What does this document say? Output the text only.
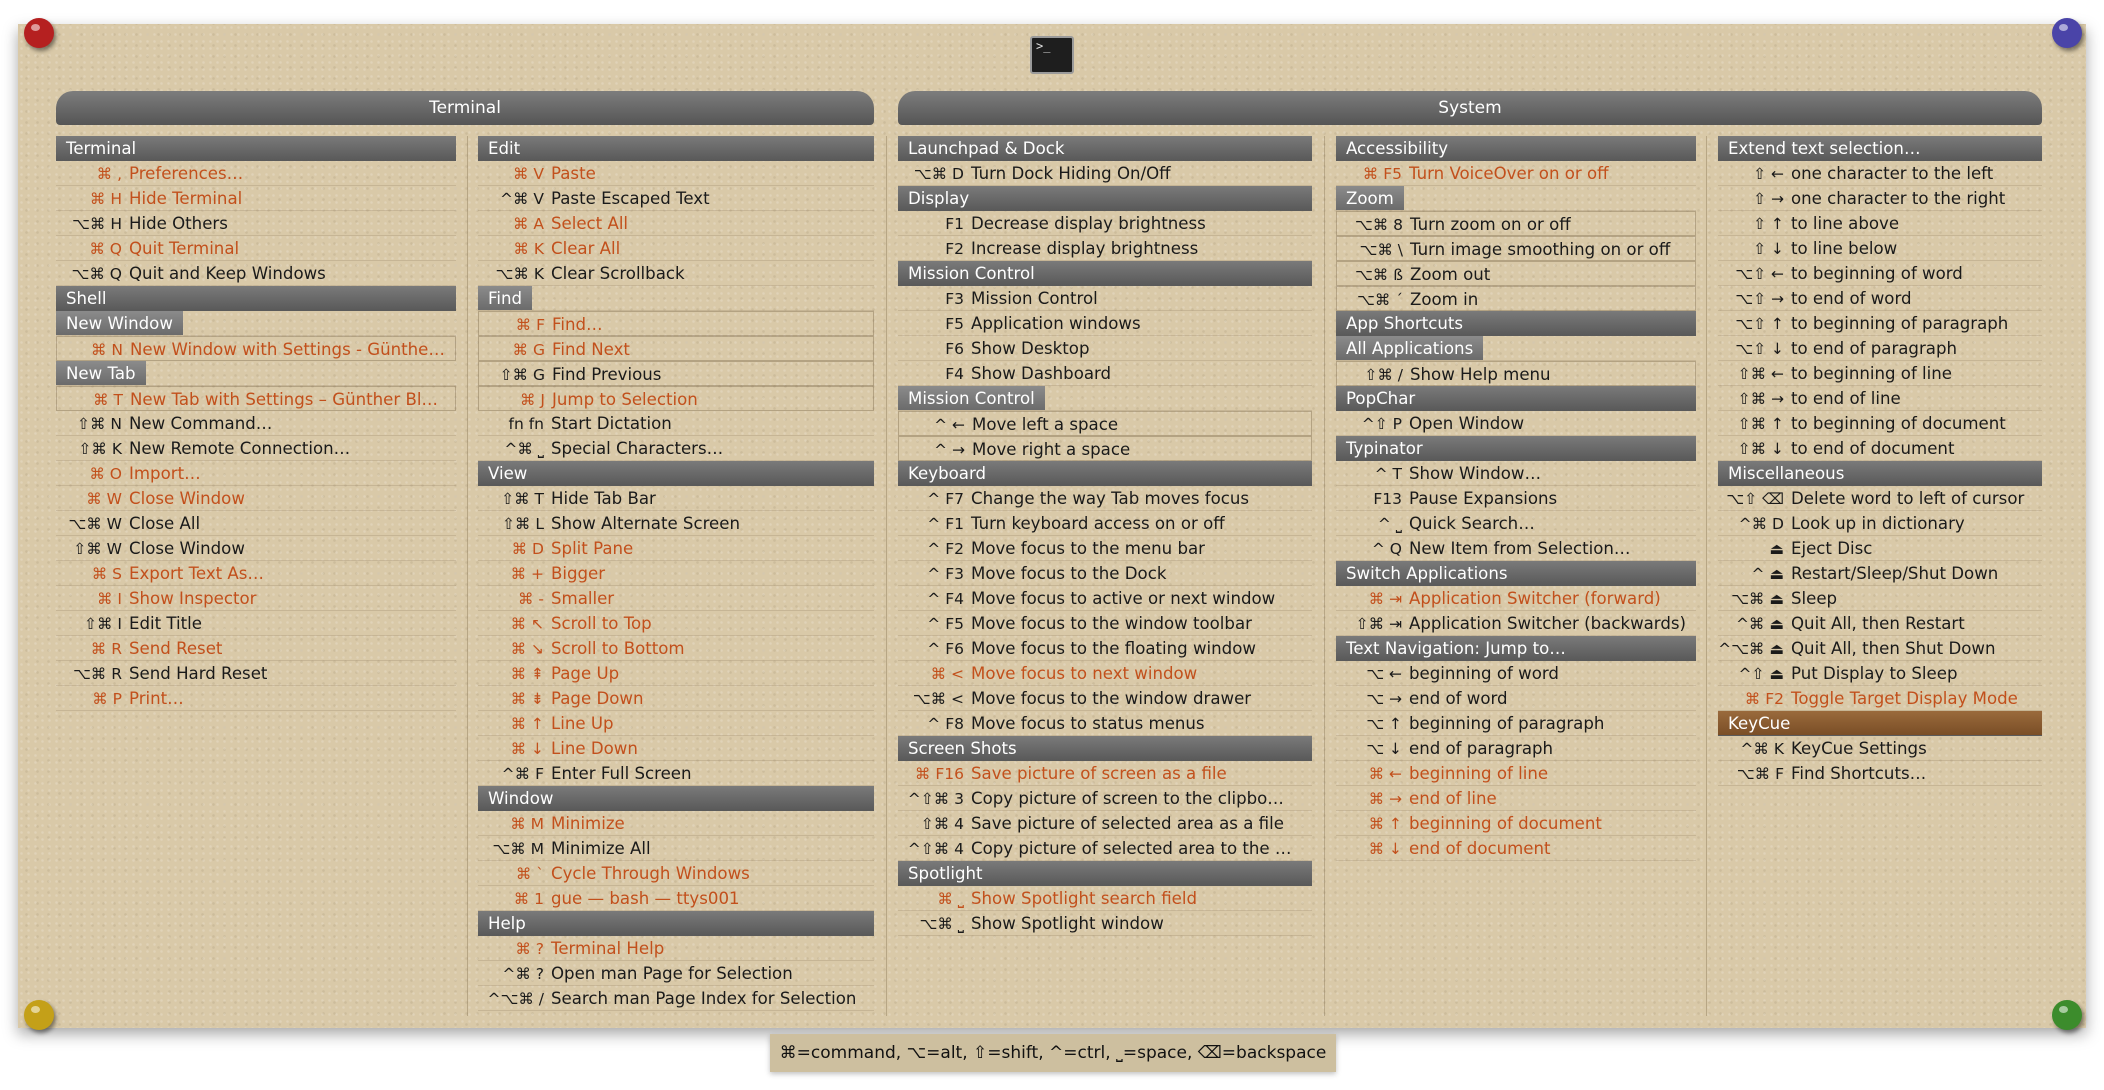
>_
Terminal	System
Terminal
⌘ , Preferences…
⌘ H Hide Terminal
⌥⌘ H Hide Others
⌘ Q Quit Terminal
⌥⌘ Q Quit and Keep Windows
Shell
New Window
⌘ N New Window with Settings - Günthe…
New Tab
⌘ T New Tab with Settings – Günther Bl…
⇧⌘ N New Command…
⇧⌘ K New Remote Connection…
⌘ O Import…
⌘ W Close Window
⌥⌘ W Close All
⇧⌘ W Close Window
⌘ S Export Text As…
⌘ I Show Inspector
⇧⌘ I Edit Title
⌘ R Send Reset
⌥⌘ R Send Hard Reset
⌘ P Print…
Edit
⌘ V Paste
^⌘ V Paste Escaped Text
⌘ A Select All
⌘ K Clear All
⌥⌘ K Clear Scrollback
Find
⌘ F Find…
⌘ G Find Next
⇧⌘ G Find Previous
⌘ J Jump to Selection
fn fn Start Dictation
^⌘ ⎵ Special Characters…
View
⇧⌘ T Hide Tab Bar
⇧⌘ L Show Alternate Screen
⌘ D Split Pane
⌘ + Bigger
⌘ - Smaller
⌘ ↖ Scroll to Top
⌘ ↘ Scroll to Bottom
⌘ ⇞ Page Up
⌘ ⇟ Page Down
⌘ ↑ Line Up
⌘ ↓ Line Down
^⌘ F Enter Full Screen
Window
⌘ M Minimize
⌥⌘ M Minimize All
⌘ ` Cycle Through Windows
⌘ 1 gue — bash — ttys001
Help
⌘ ? Terminal Help
^⌘ ? Open man Page for Selection
^⌥⌘ / Search man Page Index for Selection
Launchpad & Dock
⌥⌘ D Turn Dock Hiding On/Off
Display
F1 Decrease display brightness
F2 Increase display brightness
Mission Control
F3 Mission Control
F5 Application windows
F6 Show Desktop
F4 Show Dashboard
Mission Control
^ ← Move left a space
^ → Move right a space
Keyboard
^ F7 Change the way Tab moves focus
^ F1 Turn keyboard access on or off
^ F2 Move focus to the menu bar
^ F3 Move focus to the Dock
^ F4 Move focus to active or next window
^ F5 Move focus to the window toolbar
^ F6 Move focus to the floating window
⌘ < Move focus to next window
⌥⌘ < Move focus to the window drawer
^ F8 Move focus to status menus
Screen Shots
⌘ F16 Save picture of screen as a file
^⇧⌘ 3 Copy picture of screen to the clipbo…
⇧⌘ 4 Save picture of selected area as a file
^⇧⌘ 4 Copy picture of selected area to the …
Spotlight
⌘ ⎵ Show Spotlight search field
⌥⌘ ⎵ Show Spotlight window
Accessibility
⌘ F5 Turn VoiceOver on or off
Zoom
⌥⌘ 8 Turn zoom on or off
⌥⌘ \ Turn image smoothing on or off
⌥⌘ ß Zoom out
⌥⌘ ´ Zoom in
App Shortcuts
All Applications
⇧⌘ / Show Help menu
PopChar
^⇧ P Open Window
Typinator
^ T Show Window…
F13 Pause Expansions
^ ⎵ Quick Search…
^ Q New Item from Selection…
Switch Applications
⌘ ⇥ Application Switcher (forward)
⇧⌘ ⇥ Application Switcher (backwards)
Text Navigation: Jump to…
⌥ ← beginning of word
⌥ → end of word
⌥ ↑ beginning of paragraph
⌥ ↓ end of paragraph
⌘ ← beginning of line
⌘ → end of line
⌘ ↑ beginning of document
⌘ ↓ end of document
Extend text selection…
⇧ ← one character to the left
⇧ → one character to the right
⇧ ↑ to line above
⇧ ↓ to line below
⌥⇧ ← to beginning of word
⌥⇧ → to end of word
⌥⇧ ↑ to beginning of paragraph
⌥⇧ ↓ to end of paragraph
⇧⌘ ← to beginning of line
⇧⌘ → to end of line
⇧⌘ ↑ to beginning of document
⇧⌘ ↓ to end of document
Miscellaneous
⌥⇧ ⌫ Delete word to left of cursor
^⌘ D Look up in dictionary
⏏ Eject Disc
^ ⏏ Restart/Sleep/Shut Down
⌥⌘ ⏏ Sleep
^⌘ ⏏ Quit All, then Restart
^⌥⌘ ⏏ Quit All, then Shut Down
^⇧ ⏏ Put Display to Sleep
⌘ F2 Toggle Target Display Mode
KeyCue
^⌘ K KeyCue Settings
⌥⌘ F Find Shortcuts…
⌘=command, ⌥=alt, ⇧=shift, ^=ctrl, ⎵=space, ⌫=backspace
